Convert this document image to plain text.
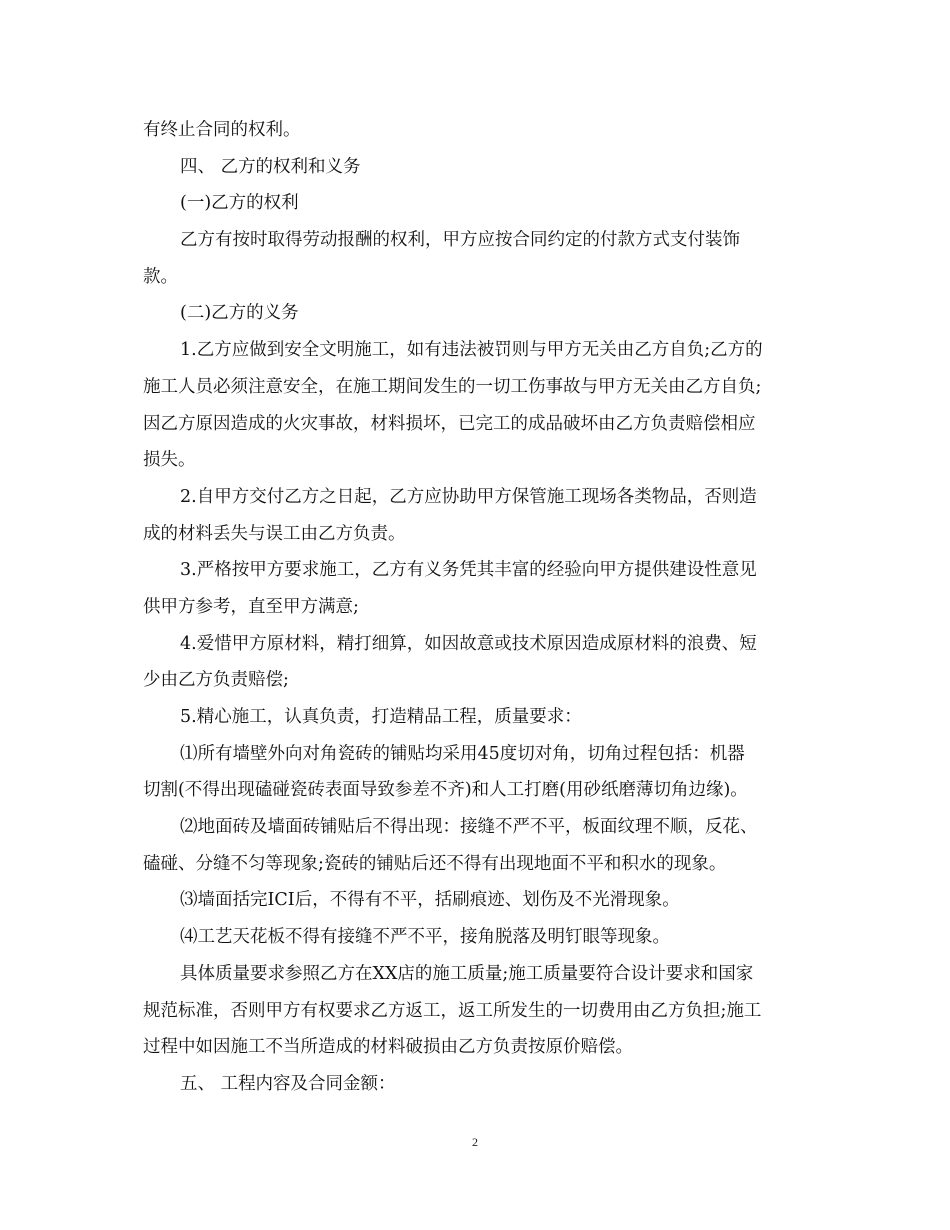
有终止合同的权利。
四、 乙方的权利和义务
(一)乙方的权利
乙方有按时取得劳动报酬的权利，甲方应按合同约定的付款方式支付装饰
款。
(二)乙方的义务
1.乙方应做到安全文明施工，如有违法被罚则与甲方无关由乙方自负;乙方的
施工人员必须注意安全，在施工期间发生的一切工伤事故与甲方无关由乙方自负;
因乙方原因造成的火灾事故，材料损坏，已完工的成品破坏由乙方负责赔偿相应
损失。
2.自甲方交付乙方之日起，乙方应协助甲方保管施工现场各类物品，否则造
成的材料丢失与误工由乙方负责。
3.严格按甲方要求施工，乙方有义务凭其丰富的经验向甲方提供建设性意见
供甲方参考，直至甲方满意;
4.爱惜甲方原材料，精打细算，如因故意或技术原因造成原材料的浪费、短
少由乙方负责赔偿;
5.精心施工，认真负责，打造精品工程，质量要求：
⑴所有墙壁外向对角瓷砖的铺贴均采用45度切对角，切角过程包括：机器
切割(不得出现磕碰瓷砖表面导致参差不齐)和人工打磨(用砂纸磨薄切角边缘)。
⑵地面砖及墙面砖铺贴后不得出现：接缝不严不平，板面纹理不顺，反花、
磕碰、分缝不匀等现象;瓷砖的铺贴后还不得有出现地面不平和积水的现象。
⑶墙面括完ICI后，不得有不平，括刷痕迹、划伤及不光滑现象。
⑷工艺天花板不得有接缝不严不平，接角脱落及明钉眼等现象。
具体质量要求参照乙方在XX店的施工质量;施工质量要符合设计要求和国家
规范标准，否则甲方有权要求乙方返工，返工所发生的一切费用由乙方负担;施工
过程中如因施工不当所造成的材料破损由乙方负责按原价赔偿。
五、 工程内容及合同金额：
2
